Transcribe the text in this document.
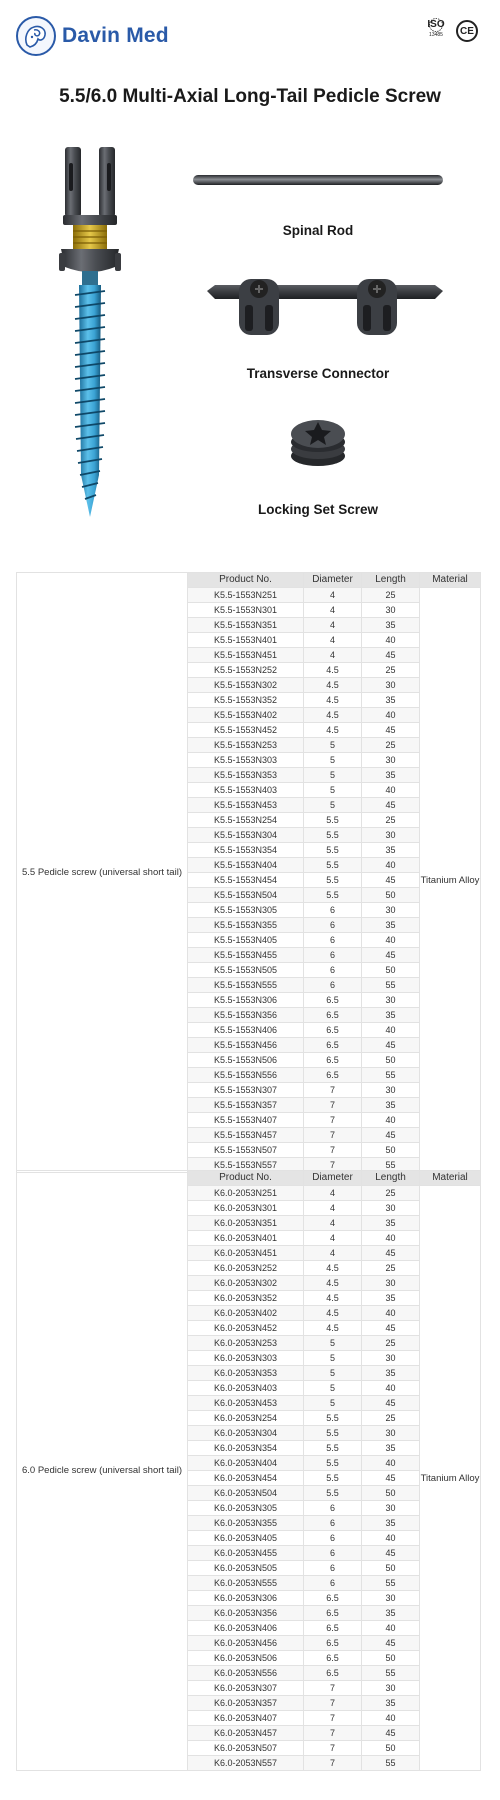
Davin Med	ISO
13485	CE
5.5/6.0 Multi-Axial Long-Tail Pedicle Screw
Spinal Rod
Transverse Connector
Locking Set Screw
5.5 Pedicle screw (universal short tail)	Product No.	Diameter	Length	Material
	K5.5-1553N251	4	25	Titanium Alloy
	K5.5-1553N301	4	30	
	K5.5-1553N351	4	35	
	K5.5-1553N401	4	40	
	K5.5-1553N451	4	45	
	K5.5-1553N252	4.5	25	
	K5.5-1553N302	4.5	30	
	K5.5-1553N352	4.5	35	
	K5.5-1553N402	4.5	40	
	K5.5-1553N452	4.5	45	
	K5.5-1553N253	5	25	
	K5.5-1553N303	5	30	
	K5.5-1553N353	5	35	
	K5.5-1553N403	5	40	
	K5.5-1553N453	5	45	
	K5.5-1553N254	5.5	25	
	K5.5-1553N304	5.5	30	
	K5.5-1553N354	5.5	35	
	K5.5-1553N404	5.5	40	
	K5.5-1553N454	5.5	45	
	K5.5-1553N504	5.5	50	
	K5.5-1553N305	6	30	
	K5.5-1553N355	6	35	
	K5.5-1553N405	6	40	
	K5.5-1553N455	6	45	
	K5.5-1553N505	6	50	
	K5.5-1553N555	6	55	
	K5.5-1553N306	6.5	30	
	K5.5-1553N356	6.5	35	
	K5.5-1553N406	6.5	40	
	K5.5-1553N456	6.5	45	
	K5.5-1553N506	6.5	50	
	K5.5-1553N556	6.5	55	
	K5.5-1553N307	7	30	
	K5.5-1553N357	7	35	
	K5.5-1553N407	7	40	
	K5.5-1553N457	7	45	
	K5.5-1553N507	7	50	
	K5.5-1553N557	7	55	
6.0 Pedicle screw (universal short tail)	Product No.	Diameter	Length	Material
	K6.0-2053N251	4	25	Titanium Alloy
	K6.0-2053N301	4	30	
	K6.0-2053N351	4	35	
	K6.0-2053N401	4	40	
	K6.0-2053N451	4	45	
	K6.0-2053N252	4.5	25	
	K6.0-2053N302	4.5	30	
	K6.0-2053N352	4.5	35	
	K6.0-2053N402	4.5	40	
	K6.0-2053N452	4.5	45	
	K6.0-2053N253	5	25	
	K6.0-2053N303	5	30	
	K6.0-2053N353	5	35	
	K6.0-2053N403	5	40	
	K6.0-2053N453	5	45	
	K6.0-2053N254	5.5	25	
	K6.0-2053N304	5.5	30	
	K6.0-2053N354	5.5	35	
	K6.0-2053N404	5.5	40	
	K6.0-2053N454	5.5	45	
	K6.0-2053N504	5.5	50	
	K6.0-2053N305	6	30	
	K6.0-2053N355	6	35	
	K6.0-2053N405	6	40	
	K6.0-2053N455	6	45	
	K6.0-2053N505	6	50	
	K6.0-2053N555	6	55	
	K6.0-2053N306	6.5	30	
	K6.0-2053N356	6.5	35	
	K6.0-2053N406	6.5	40	
	K6.0-2053N456	6.5	45	
	K6.0-2053N506	6.5	50	
	K6.0-2053N556	6.5	55	
	K6.0-2053N307	7	30	
	K6.0-2053N357	7	35	
	K6.0-2053N407	7	40	
	K6.0-2053N457	7	45	
	K6.0-2053N507	7	50	
	K6.0-2053N557	7	55	
